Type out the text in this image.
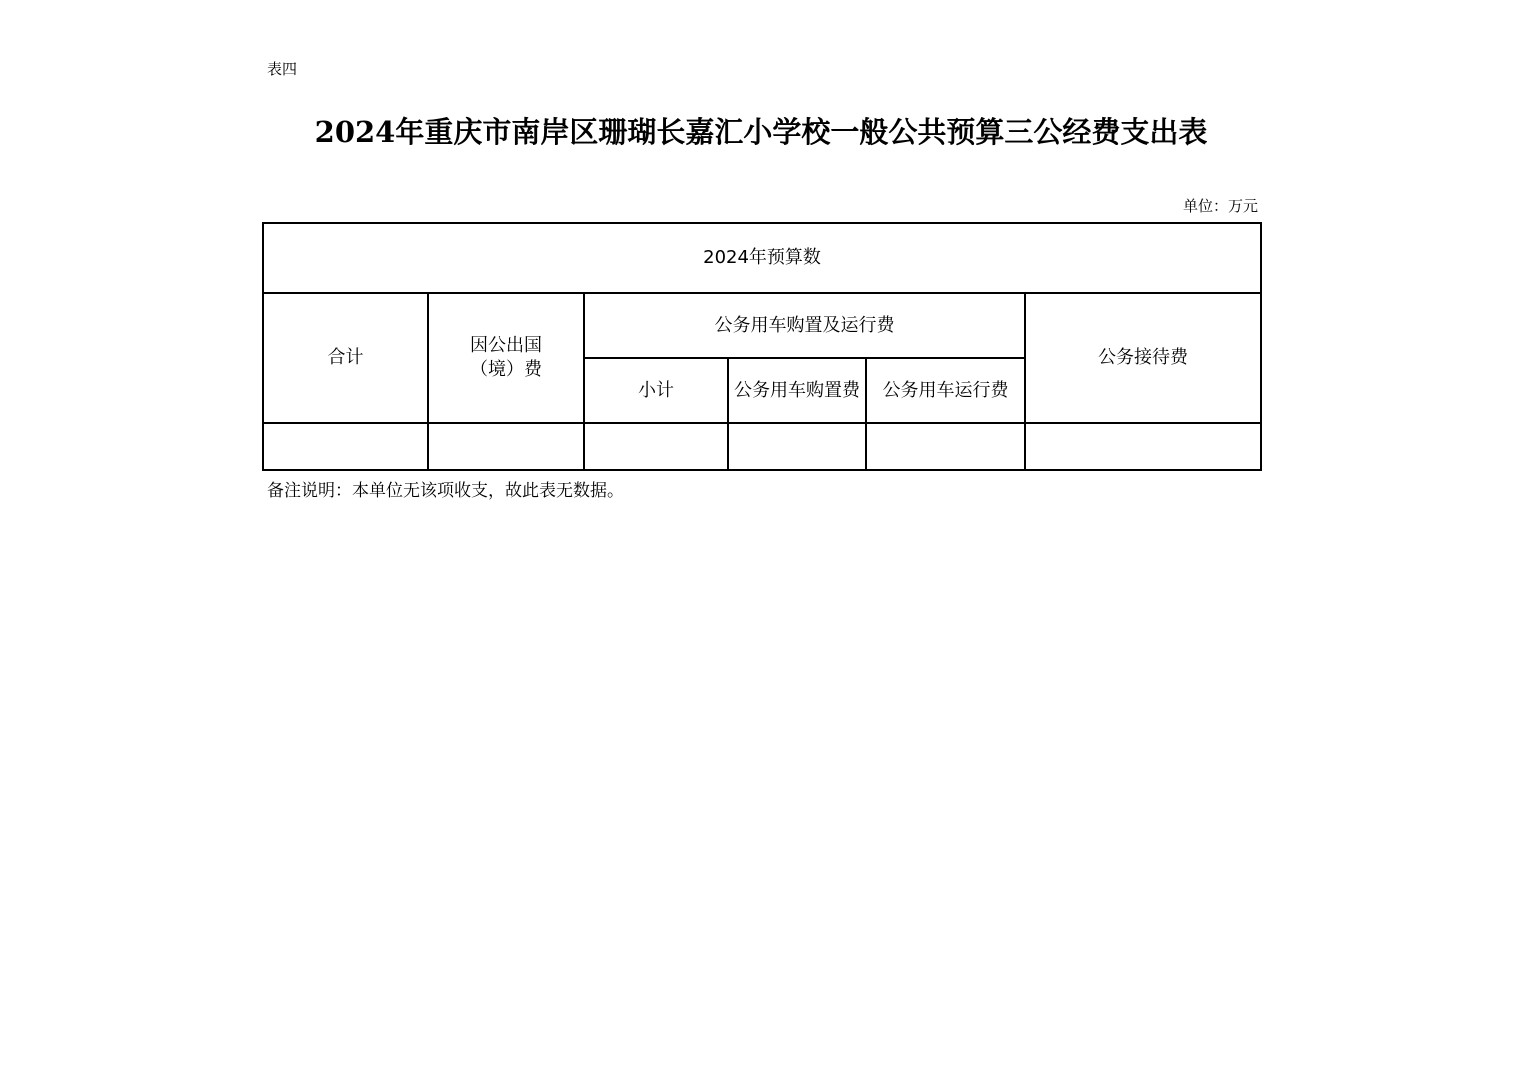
表四
2024年重庆市南岸区珊瑚长嘉汇小学校一般公共预算三公经费支出表
单位：万元
2024年预算数					
合计	因公出国（境）费	公务用车购置及运行费			公务接待费
		小计	公务用车购置费	公务用车运行费	

备注说明：本单位无该项收支，故此表无数据。
